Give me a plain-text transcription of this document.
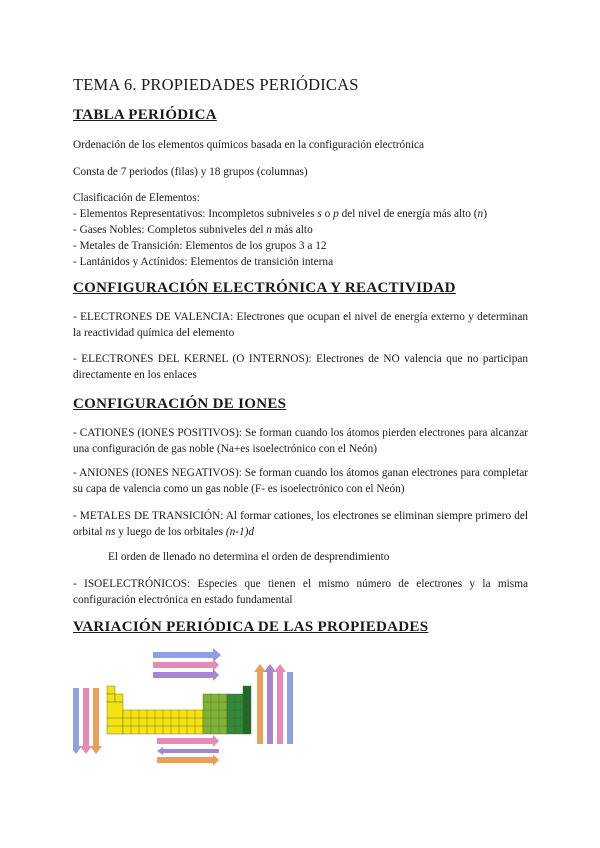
TEMA 6. PROPIEDADES PERIÓDICAS
TABLA PERIÓDICA

Ordenación de los elementos químicos basada en la configuración electrónica

Consta de 7 periodos (filas) y 18 grupos (columnas)

Clasificación de Elementos:

- Elementos Representativos: Incompletos subniveles s o p del nivel de energía más alto (n)

- Gases Nobles: Completos subniveles del n más alto

- Metales de Transición: Elementos de los grupos 3 a 12

- Lantánidos y Actínidos: Elementos de transición interna

CONFIGURACIÓN ELECTRÓNICA Y REACTIVIDAD

- ELECTRONES DE VALENCIA: Electrones que ocupan el nivel de energía externo y determinan la reactividad química del elemento

- ELECTRONES DEL KERNEL (O INTERNOS): Electrones de NO valencia que no participan directamente en los enlaces

CONFIGURACIÓN DE IONES

- CATIONES (IONES POSITIVOS): Se forman cuando los átomos pierden electrones para alcanzar una configuración de gas noble (Na+es isoelectrónico con el Neón)

- ANIONES (IONES NEGATIVOS): Se forman cuando los átomos ganan electrones para completar su capa de valencia como un gas noble (F- es isoelectrónico con el Neón)

- METALES DE TRANSICIÓN: Al formar cationes, los electrones se eliminan siempre primero del orbital ns y luego de los orbitales (n-1)d

El orden de llenado no determina el orden de desprendimiento

- ISOELECTRÓNICOS: Especies que tienen el mismo número de electrones y la misma configuración electrónica en estado fundamental

VARIACIÓN PERIÓDICA DE LAS PROPIEDADES
